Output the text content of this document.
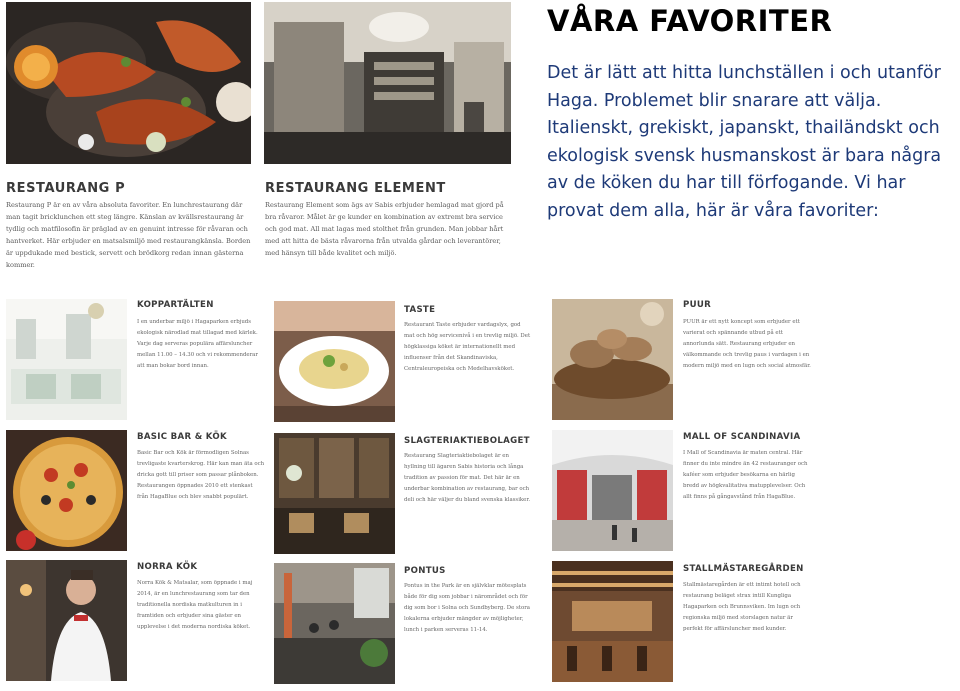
RESTAURANG P
Restaurang P är en av våra absoluta favoriter. En lunchrestaurang där man tagit bricklunchen ett steg längre. Känslan av kvällsrestaurang är tydlig och matfilosofin är präglad av en genuint intresse för råvaran och hantverket. Här erbjuder en matsalsmiljö med restaurangkänsla. Borden är uppdukade med bestick, servett och brödkorg redan innan gästerna kommer.
RESTAURANG ELEMENT
Restaurang Element som ägs av Sabis erbjuder hemlagad mat gjord på bra råvaror. Målet är ge kunder en kombination av extremt bra service och god mat. All mat lagas med stolthet från grunden. Man jobbar hårt med att hitta de bästa råvarorna från utvalda gårdar och leverantörer, med hänsyn till både kvalitet och miljö.
VÅRA FAVORITER
Det är lätt att hitta lunchställen i och utanför Haga. Problemet blir snarare att välja. Italienskt, grekiskt, japanskt, thailändskt och ekologisk svensk husmanskost är bara några av de köken du har till förfogande. Vi har provat dem alla, här är våra favoriter:
KOPPARTÄLTEN
I en underbar miljö i Hagaparken erbjuds ekologisk närodlad mat tillagad med kärlek. Varje dag serveras populära affärsluncher mellan 11.00 – 14.30 och vi rekommenderar att man bokar bord innan.
TASTE
Restaurant Taste erbjuder vardagslyx, god mat och hög servicenivå i en trevlig miljö. Det högklassiga köket är internationellt med influenser från det Skandinaviska, Centraleuropeiska och Medelhavsköket.
PUUR
PUUR är ett nytt koncept som erbjuder ett varierat och spännande utbud på ett annorlunda sätt. Restaurang erbjuder en välkommande och trevlig paus i vardagen i en modern miljö med en lugn och social atmosfär.
BASIC BAR & KÖK
Basic Bar och Kök är förmodligen Solnas trevligaste kvarterskrog. Här kan man äta och dricka gott till priser som passar plånboken. Restaurangen öppnades 2010 ett stenkast från HagaBlue och blev snabbt populärt.
SLAGTERIAKTIEBOLAGET
Restaurang Slagteriaktiebolaget är en hyllning till ägaren Sabis historia och långa tradition av passion för mat. Det här är en underbar kombination av restaurang, bar och deli och här väljer du bland svenska klassiker.
MALL OF SCANDINAVIA
I Mall of Scandinavia är maten central. Här finner du inte mindre än 42 restauranger och kaféer som erbjuder besökarna en härlig bredd av högkvalitativa matupplevelser. Och allt finns på gångavstånd från HagaBlue.
NORRA KÖK
Norra Kök & Matsalar, som öppnade i maj 2014, är en lunchrestaurang som tar den traditionella nordiska matkulturen in i framtiden och erbjuder sina gäster en upplevelse i det moderna nordiska köket.
PONTUS
Pontus in the Park är en självklar mötesplats både för dig som jobbar i närområdet och för dig som bor i Solna och Sundbyberg. De stora lokalerna erbjuder mängder av möjligheter, lunch i parken serveras 11-14.
STALLMÄSTAREGÅRDEN
Stallmästaregården är ett intimt hotell och restaurang beläget strax intill Kungliga Hagaparken och Brunnsviken. Im lugn och regionska miljö med storslagen natur är perfekt för affärsluncher med kunder.
